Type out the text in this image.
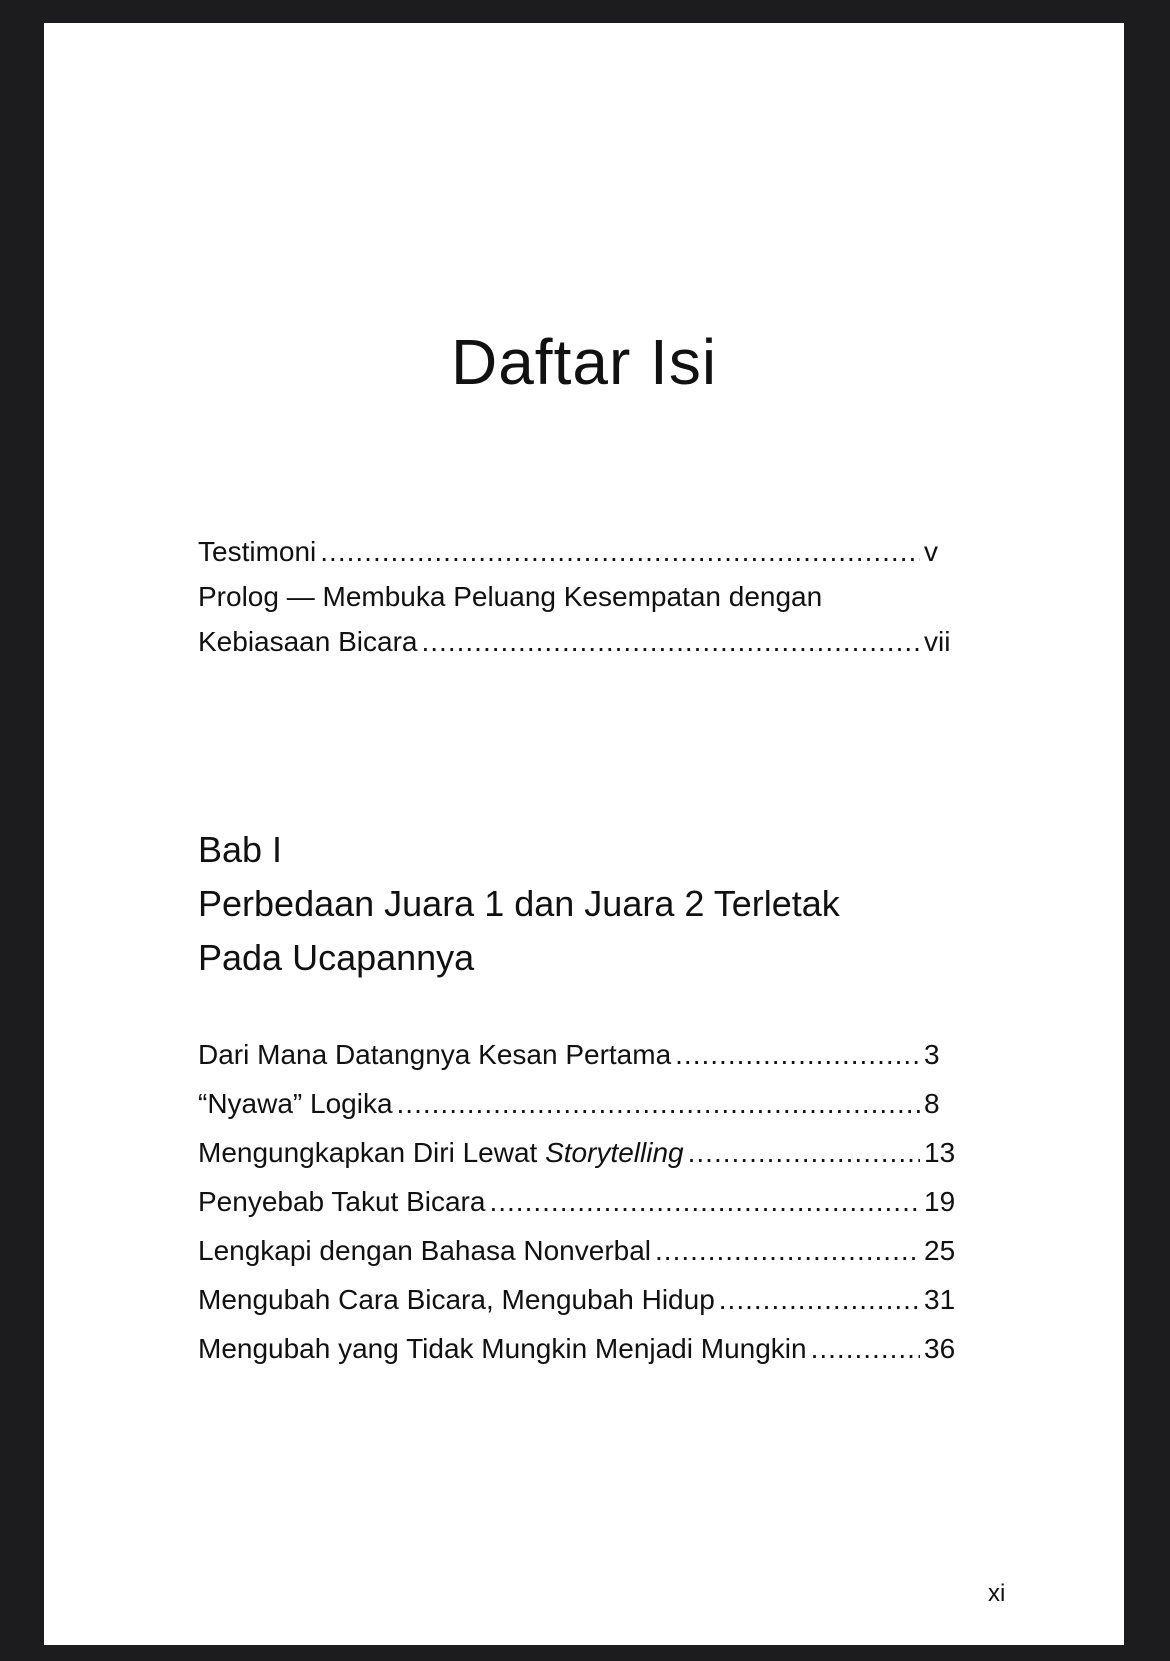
Daftar Isi
Testimoni .....	v
Prolog — Membuka Peluang Kesempatan dengan
Kebiasaan Bicara .....	vii
Bab I
Perbedaan Juara 1 dan Juara 2 Terletak
Pada Ucapannya
Dari Mana Datangnya Kesan Pertama .....	3
“Nyawa” Logika .....	8
Mengungkapkan Diri Lewat Storytelling .....	13
Penyebab Takut Bicara .....	19
Lengkapi dengan Bahasa Nonverbal .....	25
Mengubah Cara Bicara, Mengubah Hidup .....	31
Mengubah yang Tidak Mungkin Menjadi Mungkin .....	36
xi
